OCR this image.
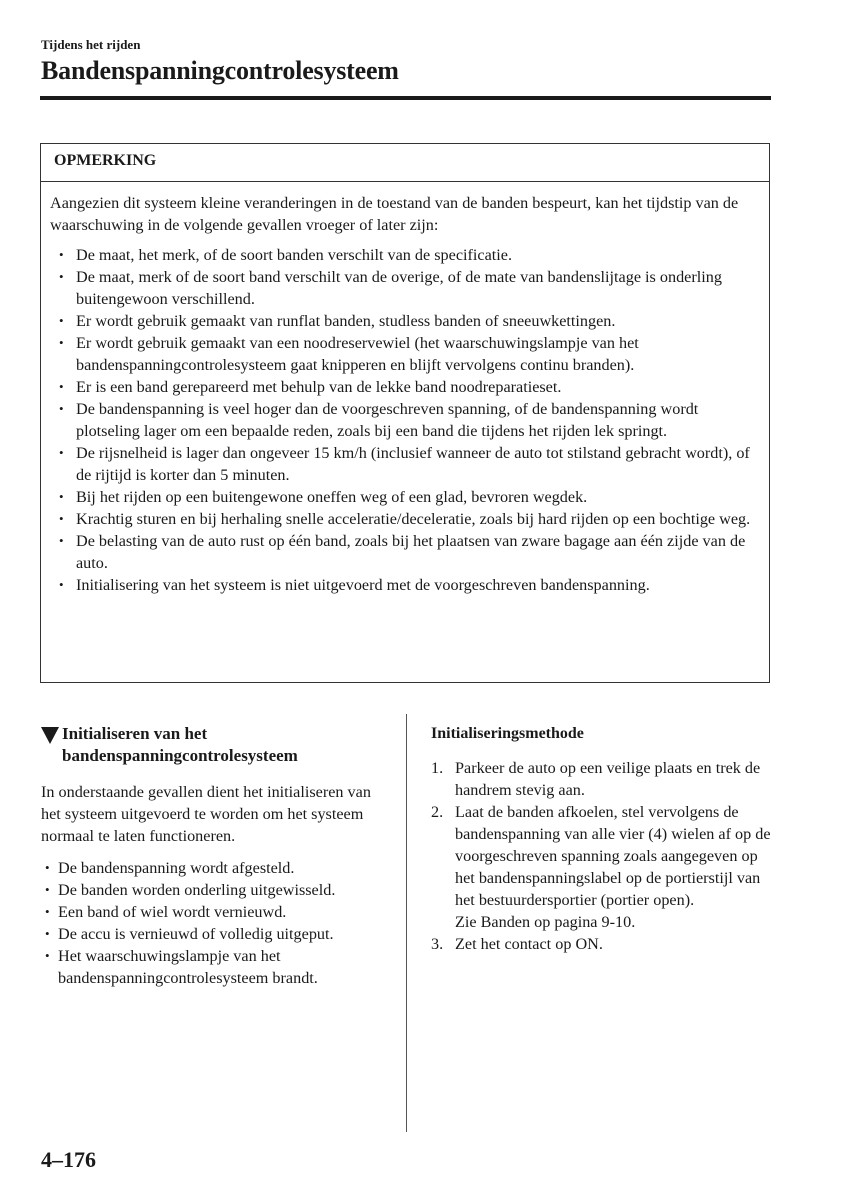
Tijdens het rijden
Bandenspanningcontrolesysteem
OPMERKING

Aangezien dit systeem kleine veranderingen in de toestand van de banden bespeurt, kan het tijdstip van de waarschuwing in de volgende gevallen vroeger of later zijn:

• De maat, het merk, of de soort banden verschilt van de specificatie.
• De maat, merk of de soort band verschilt van de overige, of de mate van bandenslijtage is onderling buitengewoon verschillend.
• Er wordt gebruik gemaakt van runflat banden, studless banden of sneeuwkettingen.
• Er wordt gebruik gemaakt van een noodreservewiel (het waarschuwingslampje van het bandenspanningcontrolesysteem gaat knipperen en blijft vervolgens continu branden).
• Er is een band gerepareerd met behulp van de lekke band noodreparatieset.
• De bandenspanning is veel hoger dan de voorgeschreven spanning, of de bandenspanning wordt plotseling lager om een bepaalde reden, zoals bij een band die tijdens het rijden lek springt.
• De rijsnelheid is lager dan ongeveer 15 km/h (inclusief wanneer de auto tot stilstand gebracht wordt), of de rijtijd is korter dan 5 minuten.
• Bij het rijden op een buitengewone oneffen weg of een glad, bevroren wegdek.
• Krachtig sturen en bij herhaling snelle acceleratie/deceleratie, zoals bij hard rijden op een bochtige weg.
• De belasting van de auto rust op één band, zoals bij het plaatsen van zware bagage aan één zijde van de auto.
• Initialisering van het systeem is niet uitgevoerd met de voorgeschreven bandenspanning.
Initialiseren van het
bandenspanningcontrolesysteem

In onderstaande gevallen dient het initialiseren van het systeem uitgevoerd te worden om het systeem normaal te laten functioneren.

• De bandenspanning wordt afgesteld.
• De banden worden onderling uitgewisseld.
• Een band of wiel wordt vernieuwd.
• De accu is vernieuwd of volledig uitgeput.
• Het waarschuwingslampje van het bandenspanningcontrolesysteem brandt.
Initialiseringsmethode
1. Parkeer de auto op een veilige plaats en trek de handrem stevig aan.
2. Laat de banden afkoelen, stel vervolgens de bandenspanning van alle vier (4) wielen af op de voorgeschreven spanning zoals aangegeven op het bandenspanningslabel op de portierstijl van het bestuurdersportier (portier open).
Zie Banden op pagina 9-10.
3. Zet het contact op ON.
4–176
